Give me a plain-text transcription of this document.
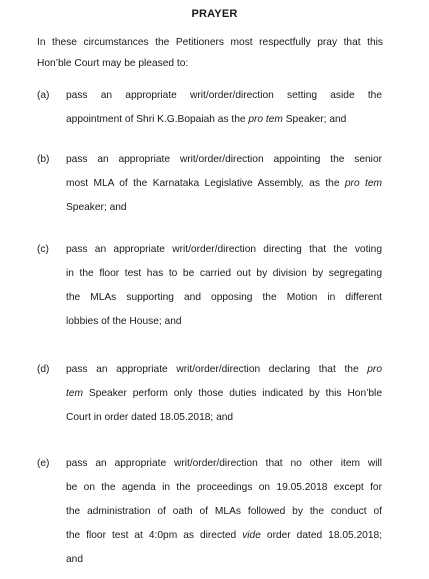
PRAYER
In these circumstances the Petitioners most respectfully pray that this
Hon’ble Court may be pleased to:
(a) pass an appropriate writ/order/direction setting aside the
appointment of Shri K.G.Bopaiah as the pro tem Speaker; and
(b) pass an appropriate writ/order/direction appointing the senior
most MLA of the Karnataka Legislative Assembly, as the pro tem
Speaker; and
(c) pass an appropriate writ/order/direction directing that the voting
in the floor test has to be carried out by division by segregating
the MLAs supporting and opposing the Motion in different
lobbies of the House; and
(d) pass an appropriate writ/order/direction declaring that the pro
tem Speaker perform only those duties indicated by this Hon’ble
Court in order dated 18.05.2018; and
(e) pass an appropriate writ/order/direction that no other item will
be on the agenda in the proceedings on 19.05.2018 except for
the administration of oath of MLAs followed by the conduct of
the floor test at 4:0pm as directed vide order dated 18.05.2018;
and
